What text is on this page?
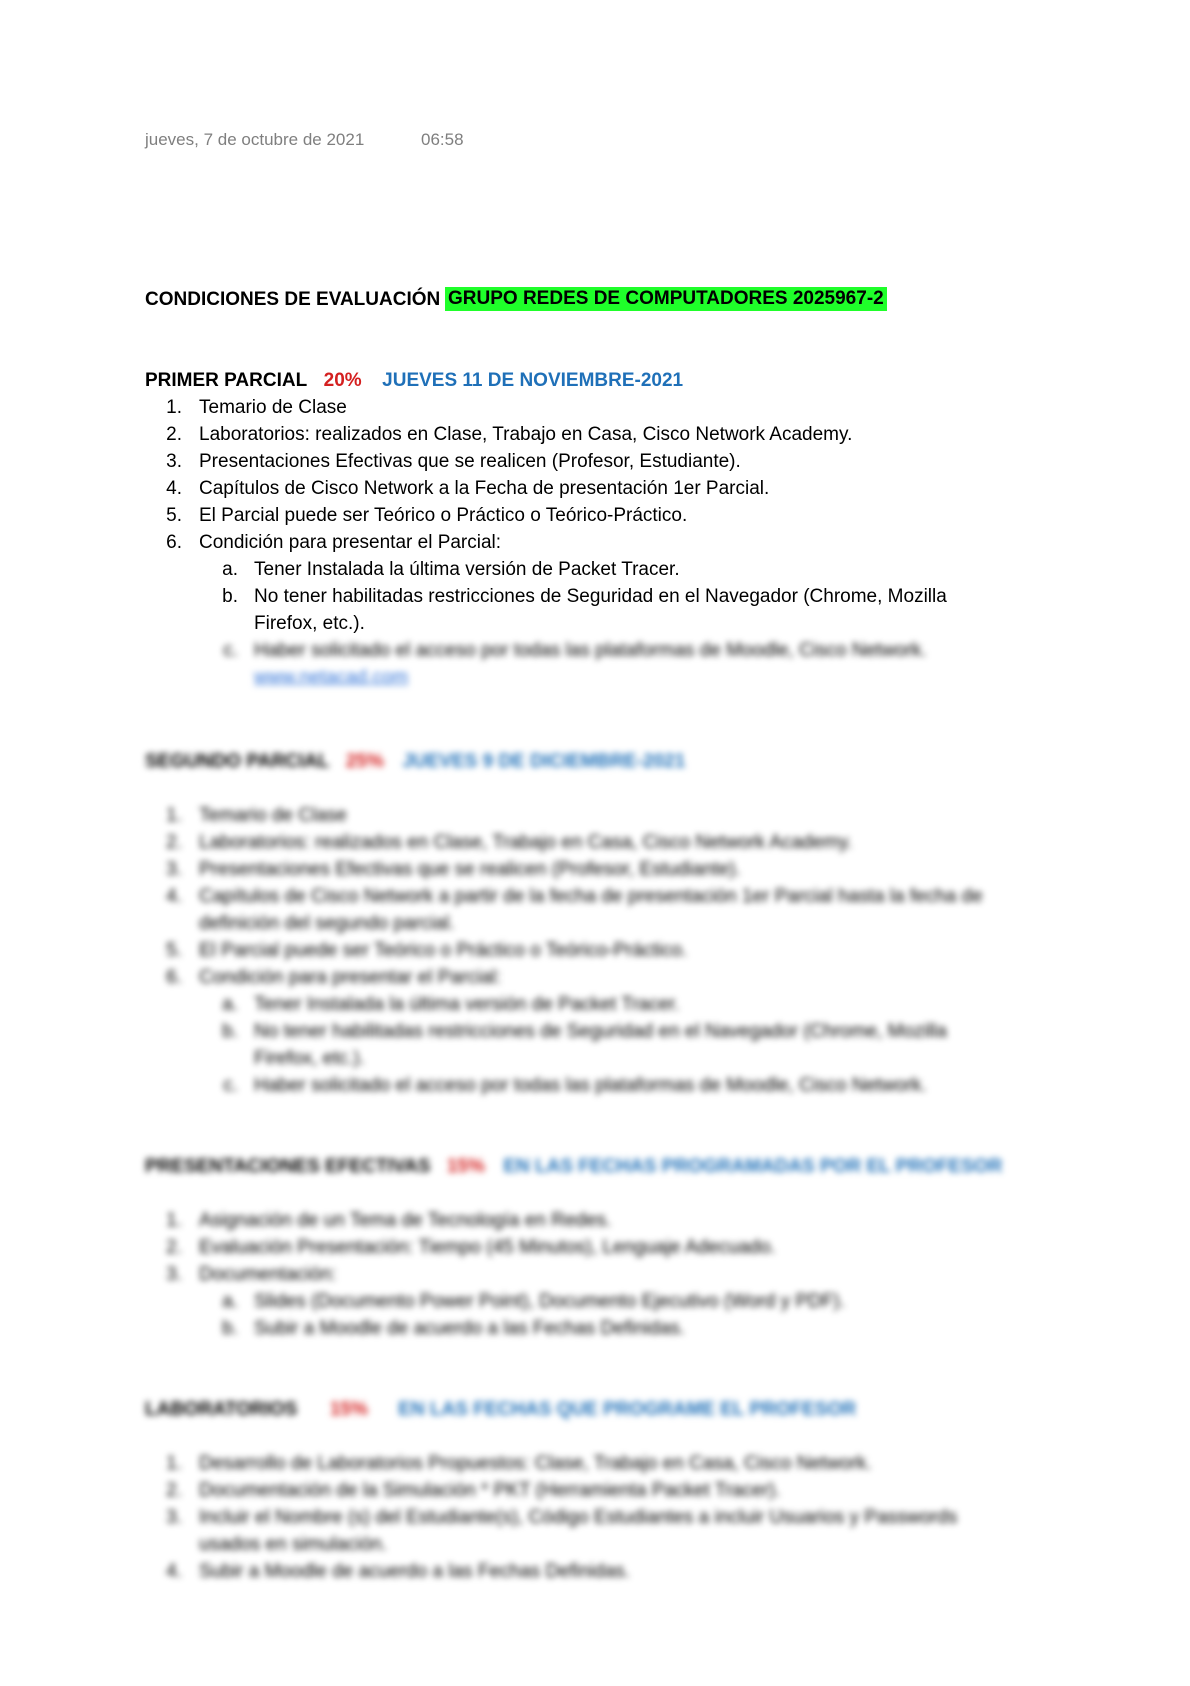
jueves, 7 de octubre de 2021	06:58
CONDICIONES DE EVALUACIÓN GRUPO REDES DE COMPUTADORES 2025967-2
PRIMER PARCIAL 20% JUEVES 11 DE NOVIEMBRE-2021
1. Temario de Clase
2. Laboratorios: realizados en Clase, Trabajo en Casa, Cisco Network Academy.
3. Presentaciones Efectivas que se realicen (Profesor, Estudiante).
4. Capítulos de Cisco Network a la Fecha de presentación 1er Parcial.
5. El Parcial puede ser Teórico o Práctico o Teórico-Práctico.
6. Condición para presentar el Parcial:
a. Tener Instalada la última versión de Packet Tracer.
b. No tener habilitadas restricciones de Seguridad en el Navegador (Chrome, Mozilla
Firefox, etc.).
c. Haber solicitado el acceso por todas las plataformas de Moodle, Cisco Network.
www.netacad.com
SEGUNDO PARCIAL 25% JUEVES 9 DE DICIEMBRE-2021
1. Temario de Clase
2. Laboratorios: realizados en Clase, Trabajo en Casa, Cisco Network Academy.
3. Presentaciones Efectivas que se realicen (Profesor, Estudiante).
4. Capítulos de Cisco Network a partir de la fecha de presentación 1er Parcial hasta la fecha de
definición del segundo parcial.
5. El Parcial puede ser Teórico o Práctico o Teórico-Práctico.
6. Condición para presentar el Parcial:
a. Tener Instalada la última versión de Packet Tracer.
b. No tener habilitadas restricciones de Seguridad en el Navegador (Chrome, Mozilla
Firefox, etc.).
c. Haber solicitado el acceso por todas las plataformas de Moodle, Cisco Network.
PRESENTACIONES EFECTIVAS 15% EN LAS FECHAS PROGRAMADAS POR EL PROFESOR
1. Asignación de un Tema de Tecnología en Redes.
2. Evaluación Presentación: Tiempo (45 Minutos), Lenguaje Adecuado.
3. Documentación:
a. Slides (Documento Power Point), Documento Ejecutivo (Word y PDF).
b. Subir a Moodle de acuerdo a las Fechas Definidas.
LABORATORIOS 15% EN LAS FECHAS QUE PROGRAME EL PROFESOR
1. Desarrollo de Laboratorios Propuestos: Clase, Trabajo en Casa, Cisco Network.
2. Documentación de la Simulación * PKT (Herramienta Packet Tracer).
3. Incluir el Nombre (s) del Estudiante(s), Código Estudiantes a incluir Usuarios y Passwords
usados en simulación.
4. Subir a Moodle de acuerdo a las Fechas Definidas.
